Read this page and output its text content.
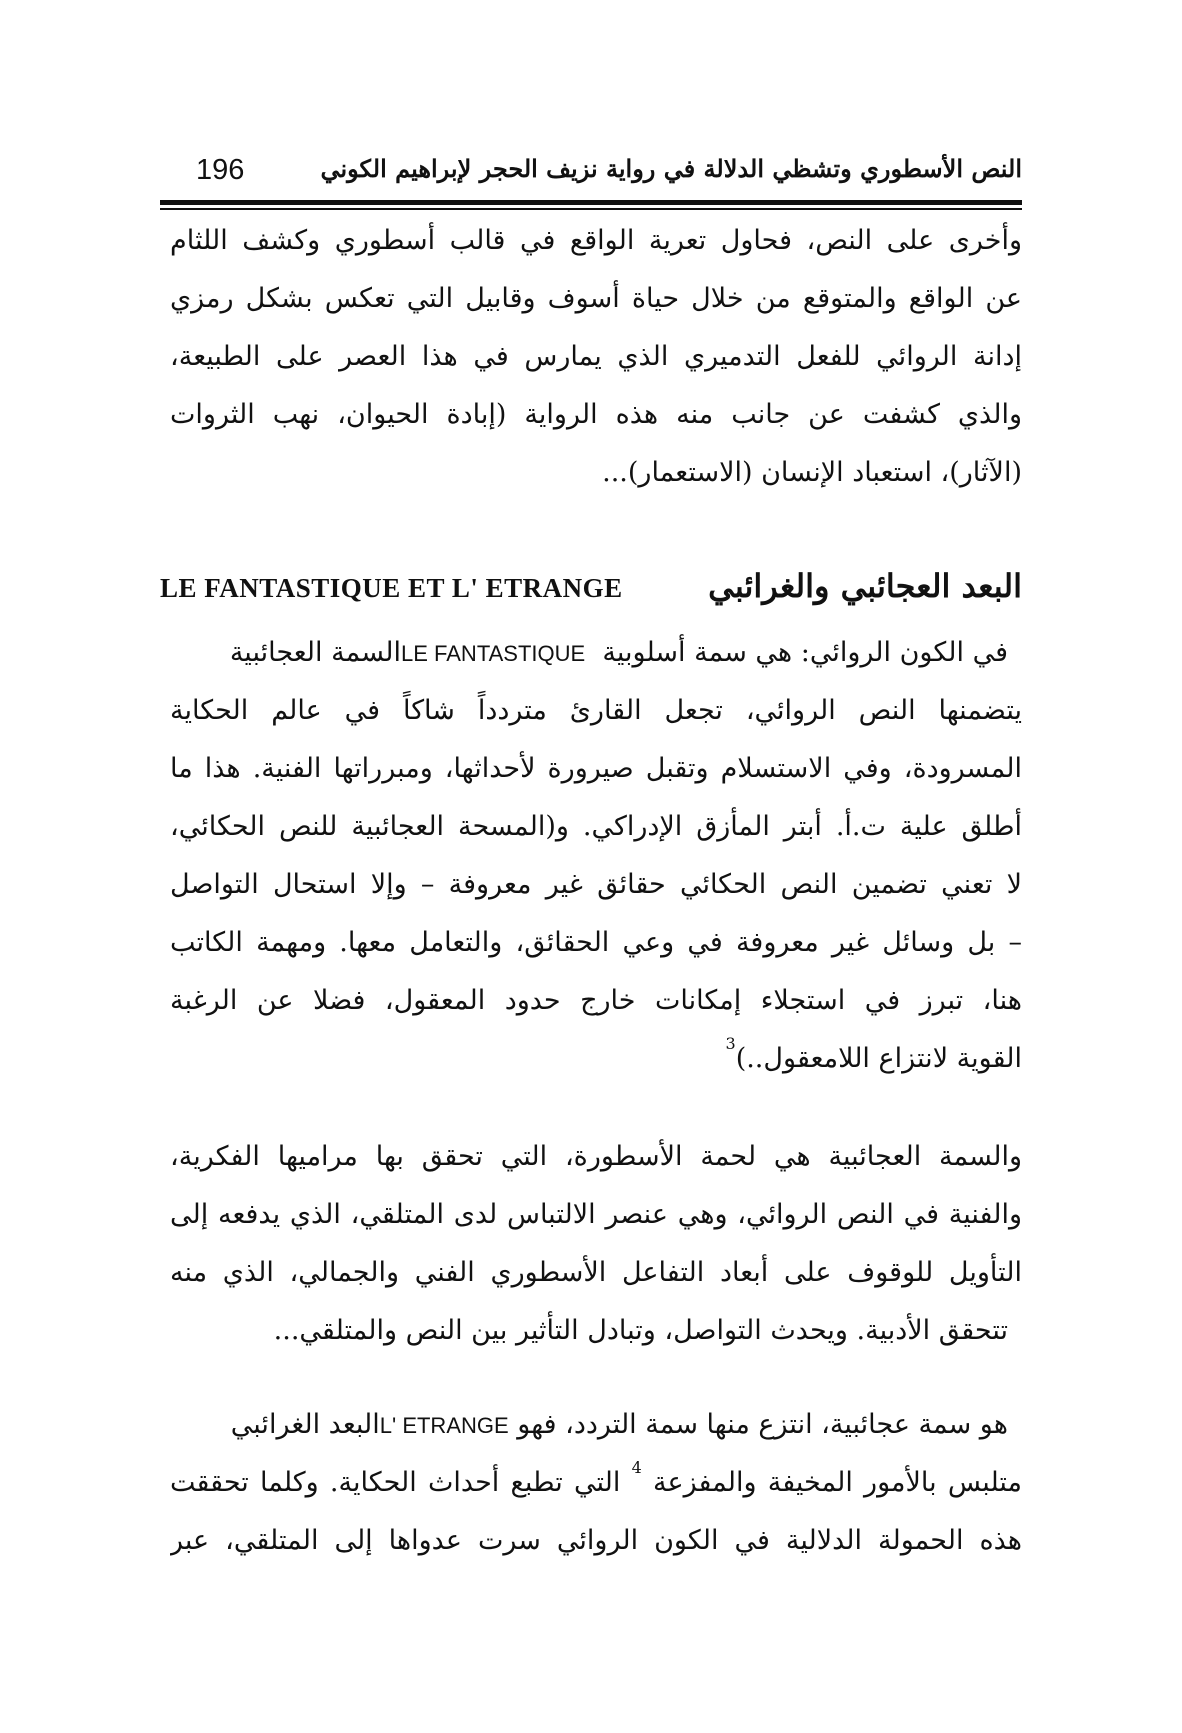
النص الأسطوري وتشظي الدلالة في رواية نزيف الحجر لإبراهيم الكوني
196
وأخرى على النص، فحاول تعرية الواقع في قالب أسطوري وكشف اللثام
عن الواقع والمتوقع من خلال حياة أسوف وقابيل التي تعكس بشكل رمزي
إدانة الروائي للفعل التدميري الذي يمارس في هذا العصر على الطبيعة،
والذي كشفت عن جانب منه هذه الرواية (إبادة الحيوان، نهب الثروات
(الآثار)، استعباد الإنسان (الاستعمار)...
البعد العجائبي والغرائبي
LE FANTASTIQUE ET L' ETRANGE
في الكون الروائي: هي سمة أسلوبية  LE FANTASTIQUEالسمة العجائبية
يتضمنها النص الروائي، تجعل القارئ متردداً شاكاً في عالم الحكاية
المسرودة، وفي الاستسلام وتقبل صيرورة لأحداثها، ومبرراتها الفنية. هذا ما
أطلق علية ت.أ. أبتر المأزق الإدراكي. و(المسحة العجائبية للنص الحكائي،
لا تعني تضمين النص الحكائي حقائق غير معروفة – وإلا استحال التواصل
– بل وسائل غير معروفة في وعي الحقائق، والتعامل معها. ومهمة الكاتب
هنا، تبرز في استجلاء إمكانات خارج حدود المعقول، فضلا عن الرغبة
القوية لانتزاع اللامعقول..)$^3$
والسمة العجائبية هي لحمة الأسطورة، التي تحقق بها مراميها الفكرية،
والفنية في النص الروائي، وهي عنصر الالتباس لدى المتلقي، الذي يدفعه إلى
التأويل للوقوف على أبعاد التفاعل الأسطوري الفني والجمالي، الذي منه
تتحقق الأدبية. ويحدث التواصل، وتبادل التأثير بين النص والمتلقي...
هو سمة عجائبية، انتزع منها سمة التردد، فهو L' ETRANGEالبعد الغرائبي
متلبس بالأمور المخيفة والمفزعة $^4$ التي تطبع أحداث الحكاية. وكلما تحققت
هذه الحمولة الدلالية في الكون الروائي سرت عدواها إلى المتلقي، عبر
